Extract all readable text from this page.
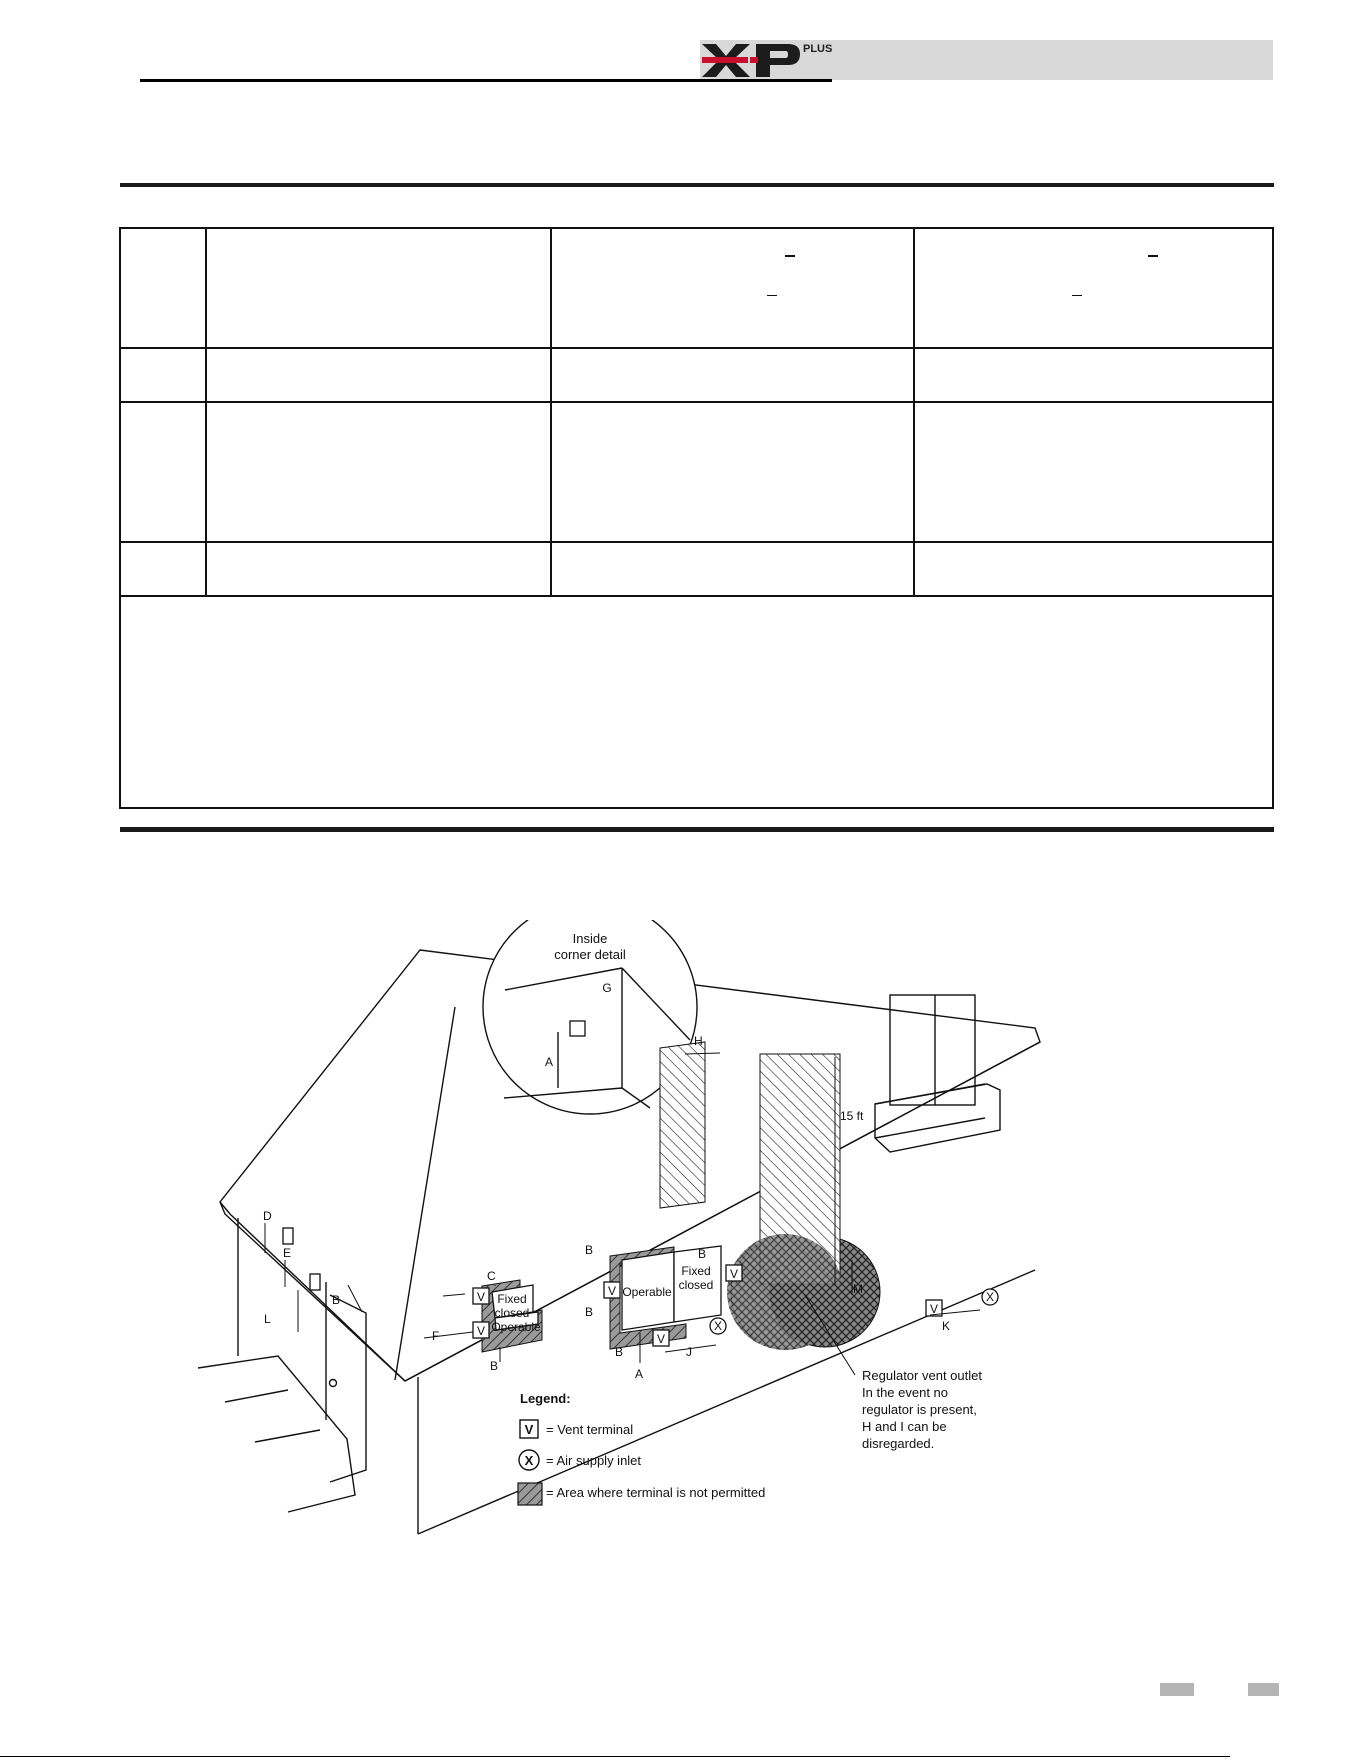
PLUS
Inside
corner detail
G
A
Fixed
closed
Operable
Operable
Fixed
closed
V
V
V
V
V
V
X
X
D
E
L
B
C
F
B
B
B
B
B
A
J
H
15 ft
M
K
Regulator vent outlet
In the event no
regulator is present,
H and I can be
disregarded.
Legend:
V = Vent terminal
X = Air supply inlet
= Area where terminal is not permitted
